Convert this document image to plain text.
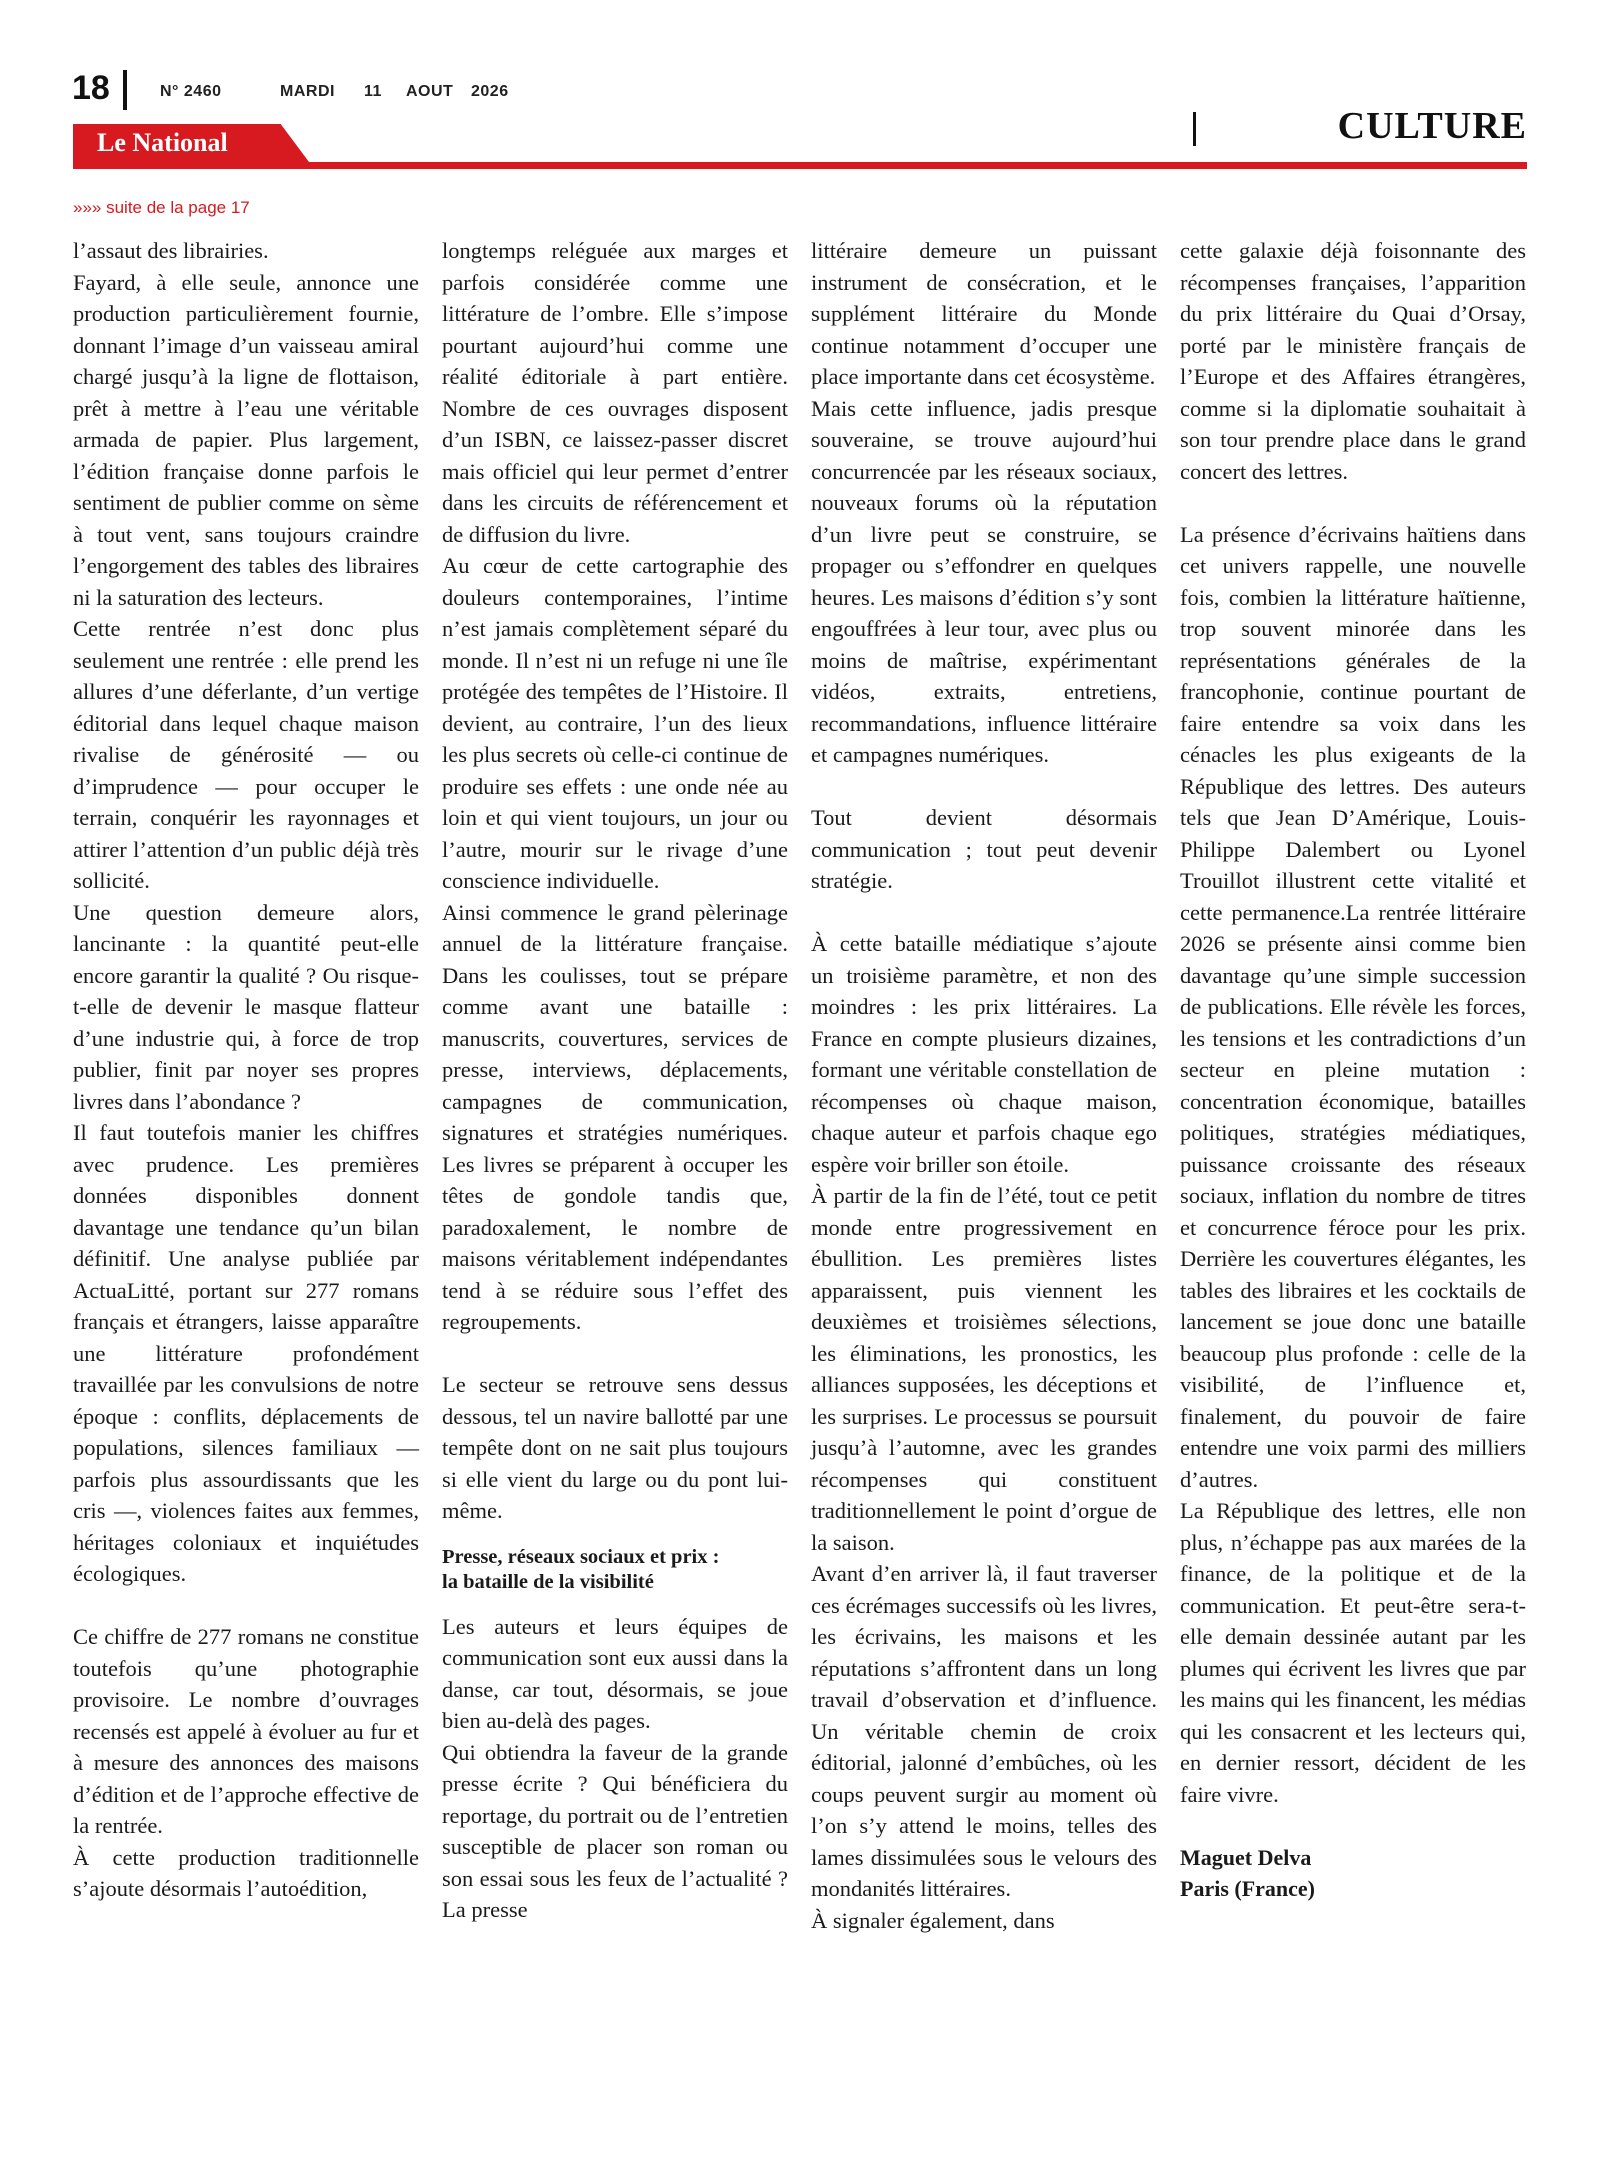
18	N° 2460	MARDI 11 AOUT 2026
CULTURE
Le National
»»» suite de la page 17

l’assaut des librairies.

Fayard, à elle seule, annonce une production particulièrement fournie, donnant l’image d’un vaisseau amiral chargé jusqu’à la ligne de flottaison, prêt à mettre à l’eau une véritable armada de papier. Plus largement, l’édition française donne parfois le sentiment de publier comme on sème à tout vent, sans toujours craindre l’engorgement des tables des libraires ni la saturation des lecteurs.

Cette rentrée n’est donc plus seulement une rentrée : elle prend les allures d’une déferlante, d’un vertige éditorial dans lequel chaque maison rivalise de générosité — ou d’imprudence — pour occuper le terrain, conquérir les rayonnages et attirer l’attention d’un public déjà très sollicité.

Une question demeure alors, lancinante : la quantité peut-elle encore garantir la qualité ? Ou risque-t-elle de devenir le masque flatteur d’une industrie qui, à force de trop publier, finit par noyer ses propres livres dans l’abondance ?

Il faut toutefois manier les chiffres avec prudence. Les premières données disponibles donnent davantage une tendance qu’un bilan définitif. Une analyse publiée par ActuaLitté, portant sur 277 romans français et étrangers, laisse apparaître une littérature profondément travaillée par les convulsions de notre époque : conflits, déplacements de populations, silences familiaux — parfois plus assourdissants que les cris —, violences faites aux femmes, héritages coloniaux et inquiétudes écologiques.

Ce chiffre de 277 romans ne constitue toutefois qu’une photographie provisoire. Le nombre d’ouvrages recensés est appelé à évoluer au fur et à mesure des annonces des maisons d’édition et de l’approche effective de la rentrée.

À cette production traditionnelle s’ajoute désormais l’autoédition,

longtemps reléguée aux marges et parfois considérée comme une littérature de l’ombre. Elle s’impose pourtant aujourd’hui comme une réalité éditoriale à part entière. Nombre de ces ouvrages disposent d’un ISBN, ce laissez-passer discret mais officiel qui leur permet d’entrer dans les circuits de référencement et de diffusion du livre.

Au cœur de cette cartographie des douleurs contemporaines, l’intime n’est jamais complètement séparé du monde. Il n’est ni un refuge ni une île protégée des tempêtes de l’Histoire. Il devient, au contraire, l’un des lieux les plus secrets où celle-ci continue de produire ses effets : une onde née au loin et qui vient toujours, un jour ou l’autre, mourir sur le rivage d’une conscience individuelle.

Ainsi commence le grand pèlerinage annuel de la littérature française. Dans les coulisses, tout se prépare comme avant une bataille : manuscrits, couvertures, services de presse, interviews, déplacements, campagnes de communication, signatures et stratégies numériques. Les livres se préparent à occuper les têtes de gondole tandis que, paradoxalement, le nombre de maisons véritablement indépendantes tend à se réduire sous l’effet des regroupements.

Le secteur se retrouve sens dessus dessous, tel un navire ballotté par une tempête dont on ne sait plus toujours si elle vient du large ou du pont lui-même.

Presse, réseaux sociaux et prix :
la bataille de la visibilité

Les auteurs et leurs équipes de communication sont eux aussi dans la danse, car tout, désormais, se joue bien au-delà des pages.

Qui obtiendra la faveur de la grande presse écrite ? Qui bénéficiera du reportage, du portrait ou de l’entretien susceptible de placer son roman ou son essai sous les feux de l’actualité ? La presse

littéraire demeure un puissant instrument de consécration, et le supplément littéraire du Monde continue notamment d’occuper une place importante dans cet écosystème.

Mais cette influence, jadis presque souveraine, se trouve aujourd’hui concurrencée par les réseaux sociaux, nouveaux forums où la réputation d’un livre peut se construire, se propager ou s’effondrer en quelques heures. Les maisons d’édition s’y sont engouffrées à leur tour, avec plus ou moins de maîtrise, expérimentant vidéos, extraits, entretiens, recommandations, influence littéraire et campagnes numériques.

Tout devient désormais communication ; tout peut devenir stratégie.

À cette bataille médiatique s’ajoute un troisième paramètre, et non des moindres : les prix littéraires. La France en compte plusieurs dizaines, formant une véritable constellation de récompenses où chaque maison, chaque auteur et parfois chaque ego espère voir briller son étoile.

À partir de la fin de l’été, tout ce petit monde entre progressivement en ébullition. Les premières listes apparaissent, puis viennent les deuxièmes et troisièmes sélections, les éliminations, les pronostics, les alliances supposées, les déceptions et les surprises. Le processus se poursuit jusqu’à l’automne, avec les grandes récompenses qui constituent traditionnellement le point d’orgue de la saison.

Avant d’en arriver là, il faut traverser ces écrémages successifs où les livres, les écrivains, les maisons et les réputations s’affrontent dans un long travail d’observation et d’influence. Un véritable chemin de croix éditorial, jalonné d’embûches, où les coups peuvent surgir au moment où l’on s’y attend le moins, telles des lames dissimulées sous le velours des mondanités littéraires.

À signaler également, dans

cette galaxie déjà foisonnante des récompenses françaises, l’apparition du prix littéraire du Quai d’Orsay, porté par le ministère français de l’Europe et des Affaires étrangères, comme si la diplomatie souhaitait à son tour prendre place dans le grand concert des lettres.

La présence d’écrivains haïtiens dans cet univers rappelle, une nouvelle fois, combien la littérature haïtienne, trop souvent minorée dans les représentations générales de la francophonie, continue pourtant de faire entendre sa voix dans les cénacles les plus exigeants de la République des lettres. Des auteurs tels que Jean D’Amérique, Louis-Philippe Dalembert ou Lyonel Trouillot illustrent cette vitalité et cette permanence.La rentrée littéraire 2026 se présente ainsi comme bien davantage qu’une simple succession de publications. Elle révèle les forces, les tensions et les contradictions d’un secteur en pleine mutation : concentration économique, batailles politiques, stratégies médiatiques, puissance croissante des réseaux sociaux, inflation du nombre de titres et concurrence féroce pour les prix. Derrière les couvertures élégantes, les tables des libraires et les cocktails de lancement se joue donc une bataille beaucoup plus profonde : celle de la visibilité, de l’influence et, finalement, du pouvoir de faire entendre une voix parmi des milliers d’autres.

La République des lettres, elle non plus, n’échappe pas aux marées de la finance, de la politique et de la communication. Et peut-être sera-t-elle demain dessinée autant par les plumes qui écrivent les livres que par les mains qui les financent, les médias qui les consacrent et les lecteurs qui, en dernier ressort, décident de les faire vivre.

Maguet Delva
Paris (France)
